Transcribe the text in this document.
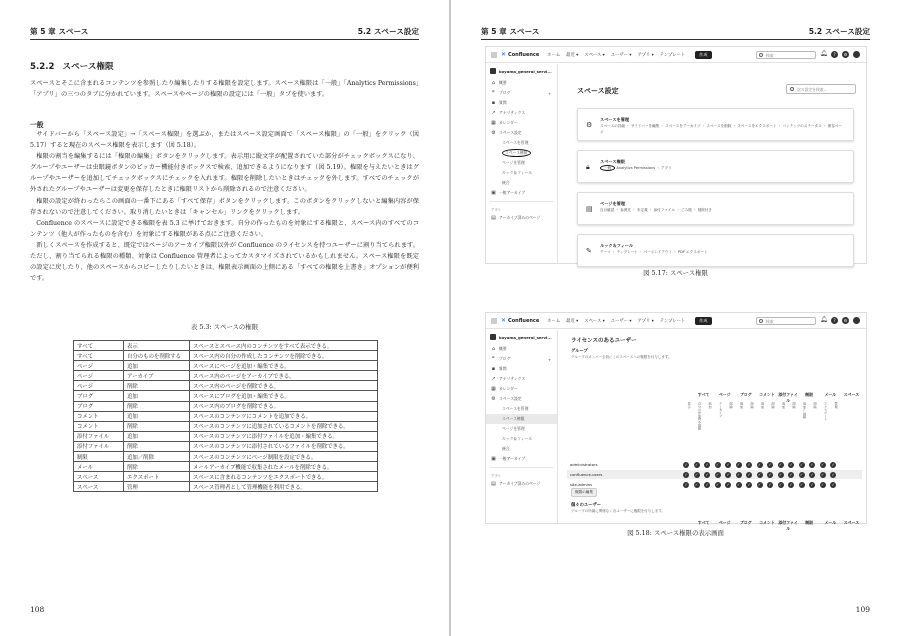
第 5 章 スペース	5.2 スペース設定
5.2.2 スペース権限

スペースとそこに含まれるコンテンツを参照したり編集したりする権限を設定します。スペース権限は「一般」「Analytics Permissions」「アプリ」の三つのタブに分かれています。スペースやページの権限の設定には「一般」タブを使います。

一般

サイドバーから「スペース設定」→「スペース権限」を選ぶか、またはスペース設定画面で「スペース権限」の「一般」をクリック（図 5.17）すると現在のスペース権限を表示します（図 5.18）。

権限の割当を編集するには「権限の編集」ボタンをクリックします。表示用に縦文字が配置されていた部分がチェックボックスになり、グループやユーザーは虫眼鏡ボタンのピッカー機能付きボックスで検索、追加できるようになります（図 5.19）。権限を与えたいときはグループやユーザーを追加してチェックボックスにチェックを入れます。権限を削除したいときはチェックを外します。すべてのチェックが外されたグループやユーザーは変更を保存したときに権限リストから削除されるので注意ください。

権限の設定が終わったらこの画面の一番下にある「すべて保存」ボタンをクリックします。このボタンをクリックしないと編集内容が保存されないので注意してください。取り消したいときは「キャンセル」リンクをクリックします。

Confluence のスペースに設定できる権限を表 5.3 に挙げておきます。自分の作ったものを対象にする権限と、スペース内のすべてのコンテンツ（他人が作ったものを含む）を対象にする権限がある点にご注意ください。

新しくスペースを作成すると、既定ではページのアーカイブ権限以外が Confluence のライセンスを持つユーザーに割り当てられます。ただし、割り当てられる権限の種類、対象は Confluence 管理者によってカスタマイズされているかもしれません。スペース権限を既定の設定に戻したり、他のスペースからコピーしたりしたいときは、権限表示画面の上側にある「すべての権限を上書き」オプションが便利です。

表 5.3: スペースの権限
すべて	表示	スペースとスペース内のコンテンツをすべて表示できる。
すべて	自分のものを削除する	スペース内の自分の作成したコンテンツを削除できる。
ページ	追加	スペースにページを追加・編集できる。
ページ	アーカイブ	スペース内のページをアーカイブできる。
ページ	削除	スペース内のページを削除できる。
ブログ	追加	スペースにブログを追加・編集できる。
ブログ	削除	スペース内のブログを削除できる。
コメント	追加	スペースのコンテンツにコメントを追加できる。
コメント	削除	スペースのコンテンツに追加されているコメントを削除できる。
添付ファイル	追加	スペースのコンテンツに添付ファイルを追加・編集できる。
添付ファイル	削除	スペースのコンテンツに添付されているファイルを削除できる。
制限	追加／削除	スペースのコンテンツにページ制限を設定できる。
メール	削除	メールアーカイブ機能で収集されたメールを削除できる。
スペース	エクスポート	スペースに含まれるコンテンツをエクスポートできる。
スペース	管理	スペース管理者として管理機能を利用できる。
108
第 5 章 スペース	5.2 スペース設定
✕ Confluence ホーム 最近 ▾ スペース ▾ ユーザー ▾ アプリ ▾ テンプレート	作成	検索	🔔︎	?	⚙
koyama_general_servi...
⌂ 概要
❞	ブログ	+
▪ 質問
↗ アナリティクス
▦ カレンダー
⚙ スペース設定
スペースを管理
スペース権限
ページを管理
ルック＆フィール
統合
▣ 一般アーカイブ
アプリ
▤ アーカイブ済みのページ
スペース設定	次の設定を検索...
⚙
スペースを管理
スペースの詳細 ・ サイドバーを編集 ・ スペースをアーカイブ ・ スペースを削除 ・ スペースをエクスポート ・ コンテンツのステータス ・ 保存ページ
🔒︎
スペース権限
一般 Analytics Permissions ・ アプリ
▤
ページを管理
自分確認 ・ 参照先 ・ 未定義 ・ 添付ファイル ・ ごみ箱 ・ 削除付き
✎
ルック＆フィール
テーマ ・ テンプレート ・ ページレイアウト ・ PDF エクスポート
図 5.17: スペース権限
✕ Confluence ホーム 最近 ▾ スペース ▾ ユーザー ▾ アプリ ▾ テンプレート	作成	検索	🔔︎	?	⚙
koyama_general_servi...
⌂ 概要
❞	ブログ	+
▪ 質問
↗ アナリティクス
▦ カレンダー
⚙ スペース設定
スペースを管理
スペース権限
ページを管理
ルック＆フィール
統合
▣ 一般アーカイブ
アプリ
▤ アーカイブ済みのページ
ライセンスのあるユーザー
グループ
グループのメンバー全員にこのスペースへの権限を付与します。
すべて	ページ	ブログ	コメント 添付ファイル
制限	メール	スペース
表示	自分の作成物を削除	追加	アーカイブ	削除	追加	削除	追加	削除	追加	削除	追加/削除	削除	エクスポート	管理
administrators	✓	✓	✓	✓	✓	✓	✓	✓	✓	✓	✓	✓	✓	✓	✓
confluence-users	✓	✓	✓	✓	✓	✓	✓	✓	✓	✓	✓	✓	✓	✓	✓
site-admins	✓	✓	✓	✓	✓	✓	✓	✓	✓	✓	✓	✓	✓	✓	✓
権限の編集
個々のユーザー
グループの所属に関係なく各ユーザーに権限を付与します。
すべて	ページ	ブログ	コメント 添付ファイル
制限	メール	スペース
図 5.18: スペース権限の表示画面
109
